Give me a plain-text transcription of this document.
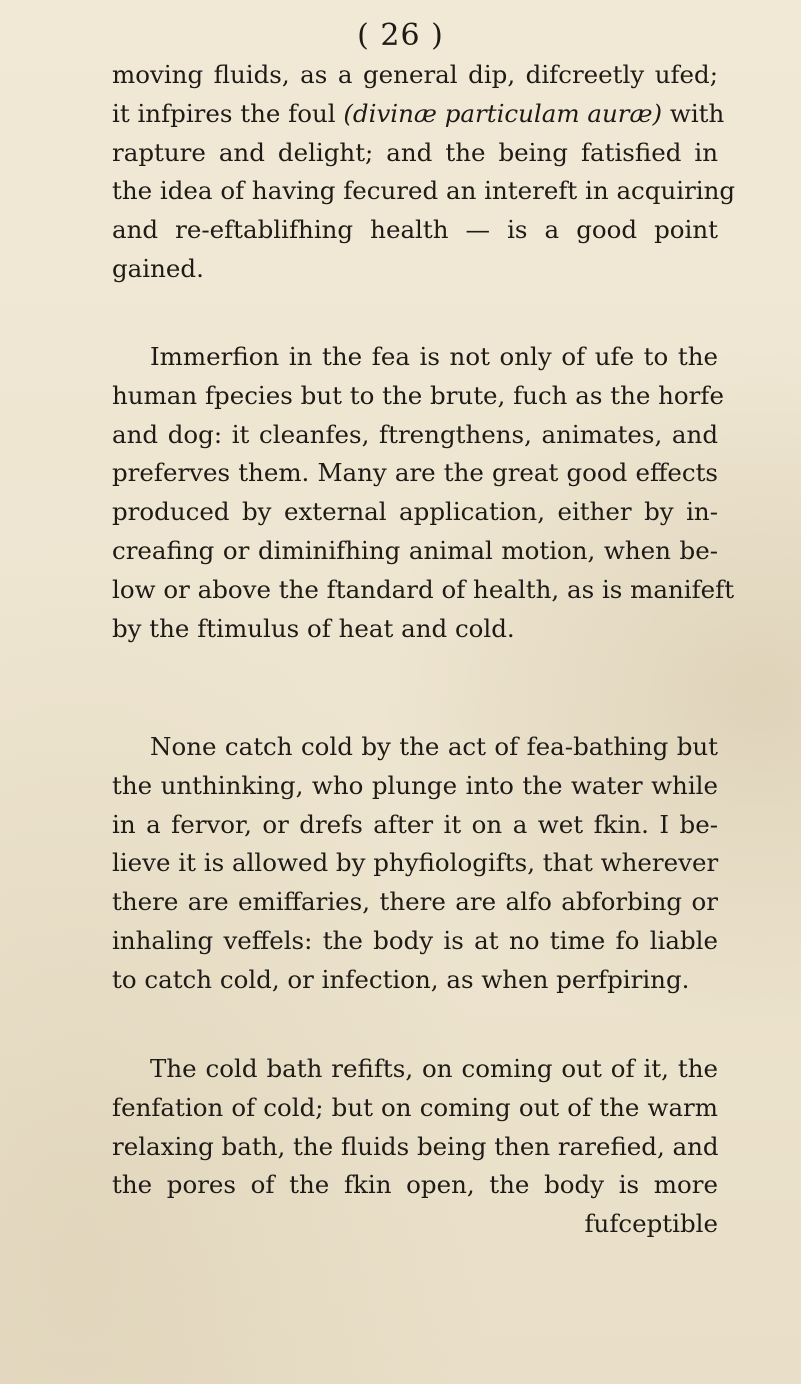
( 26 )
moving fluids, as a general dip, difcreetly ufed;
it infpires the foul (divinæ particulam auræ) with
rapture and delight; and the being fatisfied in
the idea of having fecured an intereft in acquiring
and re-eftablifhing health — is a good point
gained.
Immerfion in the fea is not only of ufe to the
human fpecies but to the brute, fuch as the horfe
and dog: it cleanfes, ftrengthens, animates, and
preferves them. Many are the great good effects
produced by external application, either by in-
creafing or diminifhing animal motion, when be-
low or above the ftandard of health, as is manifeft
by the ftimulus of heat and cold.
None catch cold by the act of fea-bathing but
the unthinking, who plunge into the water while
in a fervor, or drefs after it on a wet fkin. I be-
lieve it is allowed by phyfiologifts, that wherever
there are emiffaries, there are alfo abforbing or
inhaling veffels: the body is at no time fo liable
to catch cold, or infection, as when perfpiring.
The cold bath refifts, on coming out of it, the
fenfation of cold; but on coming out of the warm
relaxing bath, the fluids being then rarefied, and
the pores of the fkin open, the body is more
fufceptible
